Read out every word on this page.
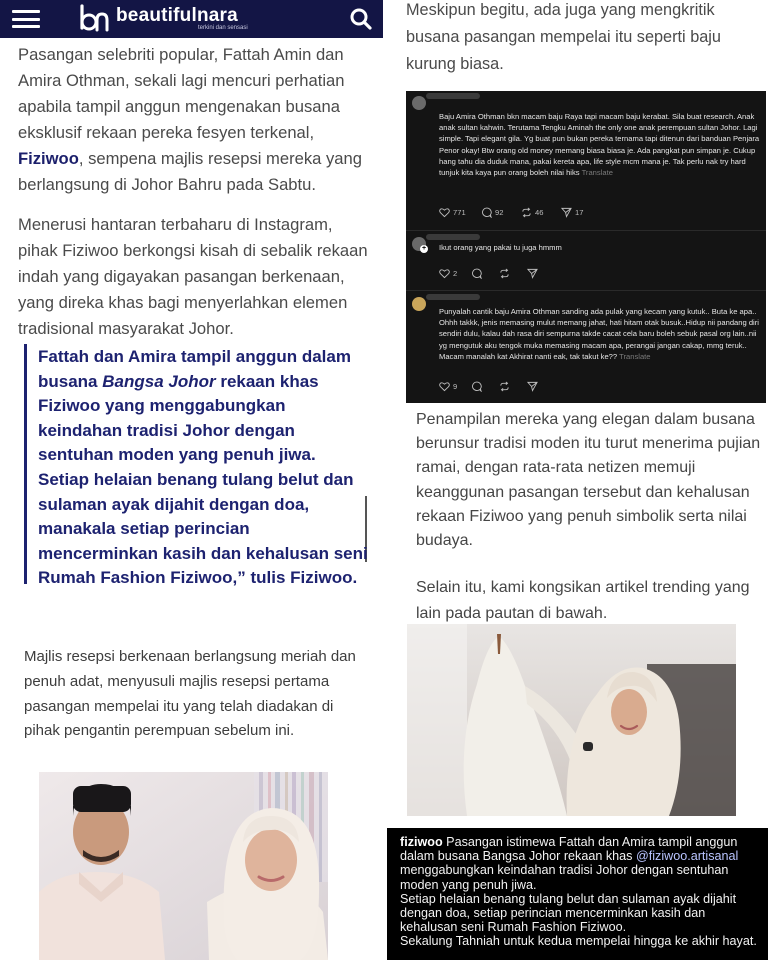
beautifulnara
terkini dan sensasi
Pasangan selebriti popular, Fattah Amin dan Amira Othman, sekali lagi mencuri perhatian apabila tampil anggun mengenakan busana eksklusif rekaan pereka fesyen terkenal, Fiziwoo, sempena majlis resepsi mereka yang berlangsung di Johor Bahru pada Sabtu.
Menerusi hantaran terbaharu di Instagram, pihak Fiziwoo berkongsi kisah di sebalik rekaan indah yang digayakan pasangan berkenaan, yang direka khas bagi menyerlahkan elemen tradisional masyarakat Johor.
Fattah dan Amira tampil anggun dalam busana Bangsa Johor rekaan khas Fiziwoo yang menggabungkan keindahan tradisi Johor dengan sentuhan moden yang penuh jiwa. Setiap helaian benang tulang belut dan sulaman ayak dijahit dengan doa, manakala setiap perincian mencerminkan kasih dan kehalusan seni Rumah Fashion Fiziwoo,” tulis Fiziwoo.
Majlis resepsi berkenaan berlangsung meriah dan penuh adat, menyusuli majlis resepsi pertama pasangan mempelai itu yang telah diadakan di pihak pengantin perempuan sebelum ini.
Meskipun begitu, ada juga yang mengkritik busana pasangan mempelai itu seperti baju kurung biasa.
Baju Amira Othman bkn macam baju Raya tapi macam baju kerabat. Sila buat research. Anak anak sultan kahwin. Terutama Tengku Aminah the only one anak perempuan sultan Johor. Lagi simple. Tapi elegant gila. Yg buat pun bukan pereka ternama tapi ditenun dari banduan Penjara Penor okay! Btw orang old money memang biasa biasa je. Ada pangkat pun simpan je. Cukup hang tahu dia duduk mana, pakai kereta apa, life style mcm mana je. Tak perlu nak try hard tunjuk kita kaya pun orang boleh nilai hiks Translate
771	92	46	17
+ Ikut orang yang pakai tu juga hmmm
2
Punyalah cantik baju Amira Othman sanding ada pulak yang kecam yang kutuk.. Buta ke apa.. Ohhh takkk, jenis memasing mulut memang jahat, hati hitam otak busuk..Hidup nii pandang diri sendiri dulu, kalau dah rasa diri sempurna takde cacat cela baru boleh sebuk pasal org lain..nii yg mengutuk aku tengok muka memasing macam apa, perangai jangan cakap, mmg teruk.. Macam manalah kat Akhirat nanti eak, tak takut ke?? Translate
9
Penampilan mereka yang elegan dalam busana berunsur tradisi moden itu turut menerima pujian ramai, dengan rata-rata netizen memuji keanggunan pasangan tersebut dan kehalusan rekaan Fiziwoo yang penuh simbolik serta nilai budaya.
Selain itu, kami kongsikan artikel trending yang lain pada pautan di bawah.
fiziwoo Pasangan istimewa Fattah dan Amira tampil anggun dalam busana Bangsa Johor rekaan khas @fiziwoo.artisanal menggabungkan keindahan tradisi Johor dengan sentuhan moden yang penuh jiwa.
Setiap helaian benang tulang belut dan sulaman ayak dijahit dengan doa, setiap perincian mencerminkan kasih dan kehalusan seni Rumah Fashion Fiziwoo.
Sekalung Tahniah untuk kedua mempelai hingga ke akhir hayat.
